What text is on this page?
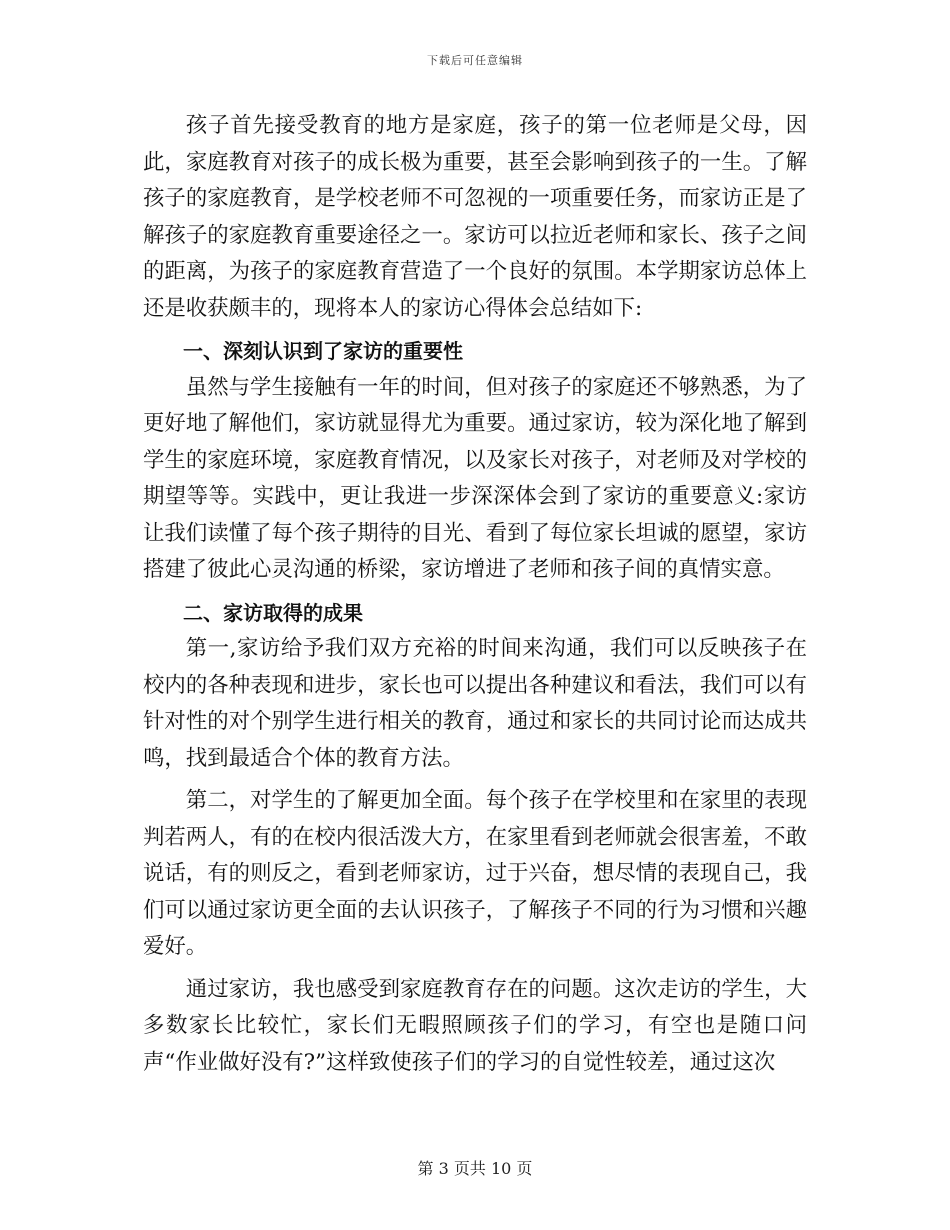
下载后可任意编辑

孩子首先接受教育的地方是家庭，孩子的第一位老师是父母，因此，家庭教育对孩子的成长极为重要，甚至会影响到孩子的一生。了解孩子的家庭教育，是学校老师不可忽视的一项重要任务，而家访正是了解孩子的家庭教育重要途径之一。家访可以拉近老师和家长、孩子之间的距离，为孩子的家庭教育营造了一个良好的氛围。本学期家访总体上还是收获颇丰的，现将本人的家访心得体会总结如下:

一、深刻认识到了家访的重要性

虽然与学生接触有一年的时间，但对孩子的家庭还不够熟悉，为了更好地了解他们，家访就显得尤为重要。通过家访，较为深化地了解到学生的家庭环境，家庭教育情况，以及家长对孩子，对老师及对学校的期望等等。实践中，更让我进一步深深体会到了家访的重要意义:家访让我们读懂了每个孩子期待的目光、看到了每位家长坦诚的愿望，家访搭建了彼此心灵沟通的桥梁，家访增进了老师和孩子间的真情实意。

二、家访取得的成果

第一,家访给予我们双方充裕的时间来沟通，我们可以反映孩子在校内的各种表现和进步，家长也可以提出各种建议和看法，我们可以有针对性的对个别学生进行相关的教育，通过和家长的共同讨论而达成共鸣，找到最适合个体的教育方法。

第二，对学生的了解更加全面。每个孩子在学校里和在家里的表现判若两人，有的在校内很活泼大方，在家里看到老师就会很害羞，不敢说话，有的则反之，看到老师家访，过于兴奋，想尽情的表现自己，我们可以通过家访更全面的去认识孩子，了解孩子不同的行为习惯和兴趣爱好。

通过家访，我也感受到家庭教育存在的问题。这次走访的学生，大多数家长比较忙，家长们无暇照顾孩子们的学习，有空也是随口问声“作业做好没有?”这样致使孩子们的学习的自觉性较差，通过这次

第 3 页共 10 页
